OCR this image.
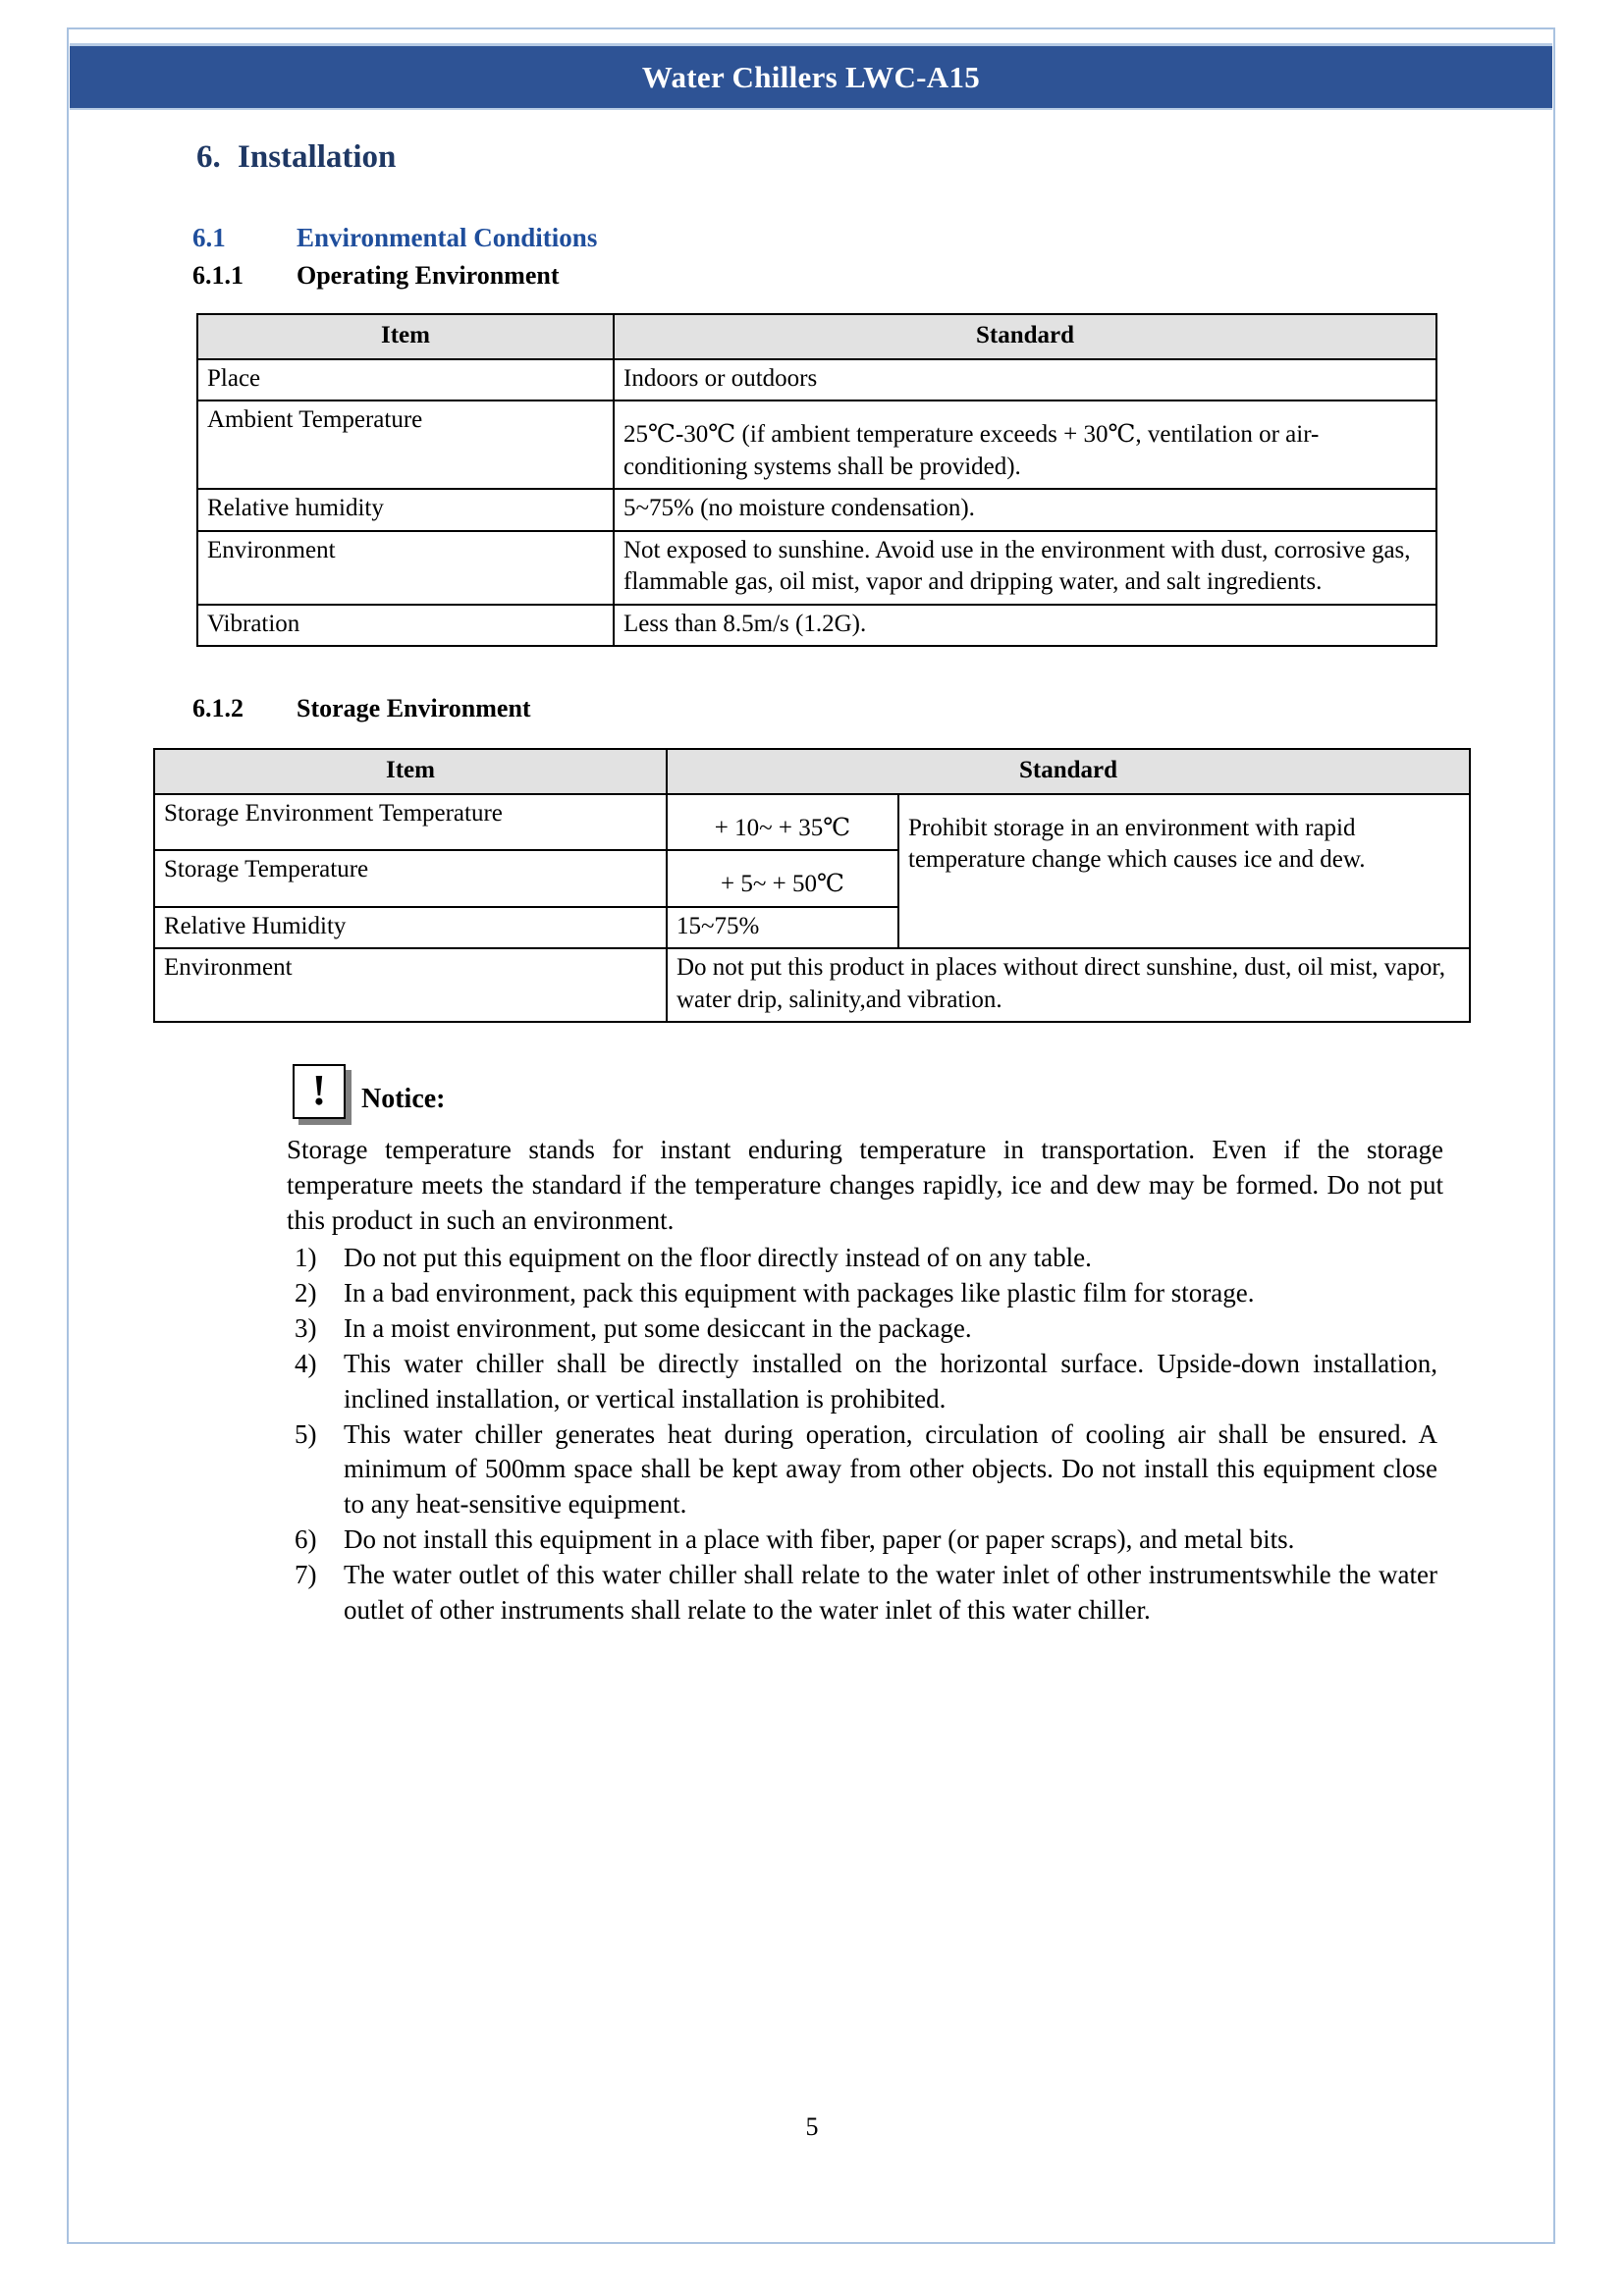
Water Chillers LWC-A15
6. Installation
6.1	Environmental Conditions
6.1.1 Operating Environment
Item	Standard
Place	Indoors or outdoors
Ambient Temperature	25℃-30℃ (if ambient temperature exceeds + 30℃, ventilation or air-conditioning systems shall be provided).
Relative humidity	5~75% (no moisture condensation).
Environment	Not exposed to sunshine. Avoid use in the environment with dust, corrosive gas, flammable gas, oil mist, vapor and dripping water, and salt ingredients.
Vibration	Less than 8.5m/s (1.2G).
6.1.2 Storage Environment
Item	Standard	
Storage Environment Temperature	+ 10~ + 35℃	Prohibit storage in an environment with rapid temperature change which causes ice and dew.
Storage Temperature	+ 5~ + 50℃	
Relative Humidity	15~75%	
Environment	Do not put this product in places without direct sunshine, dust, oil mist, vapor, water drip, salinity,and vibration.	
! Notice:
Storage temperature stands for instant enduring temperature in transportation. Even if the storage temperature meets the standard if the temperature changes rapidly, ice and dew may be formed. Do not put this product in such an environment.
1) Do not put this equipment on the floor directly instead of on any table.
2) In a bad environment, pack this equipment with packages like plastic film for storage.
3) In a moist environment, put some desiccant in the package.
4) This water chiller shall be directly installed on the horizontal surface. Upside-down installation, inclined installation, or vertical installation is prohibited.
5) This water chiller generates heat during operation, circulation of cooling air shall be ensured. A minimum of 500mm space shall be kept away from other objects. Do not install this equipment close to any heat-sensitive equipment.
6) Do not install this equipment in a place with fiber, paper (or paper scraps), and metal bits.
7) The water outlet of this water chiller shall relate to the water inlet of other instrumentswhile the water outlet of other instruments shall relate to the water inlet of this water chiller.
5
